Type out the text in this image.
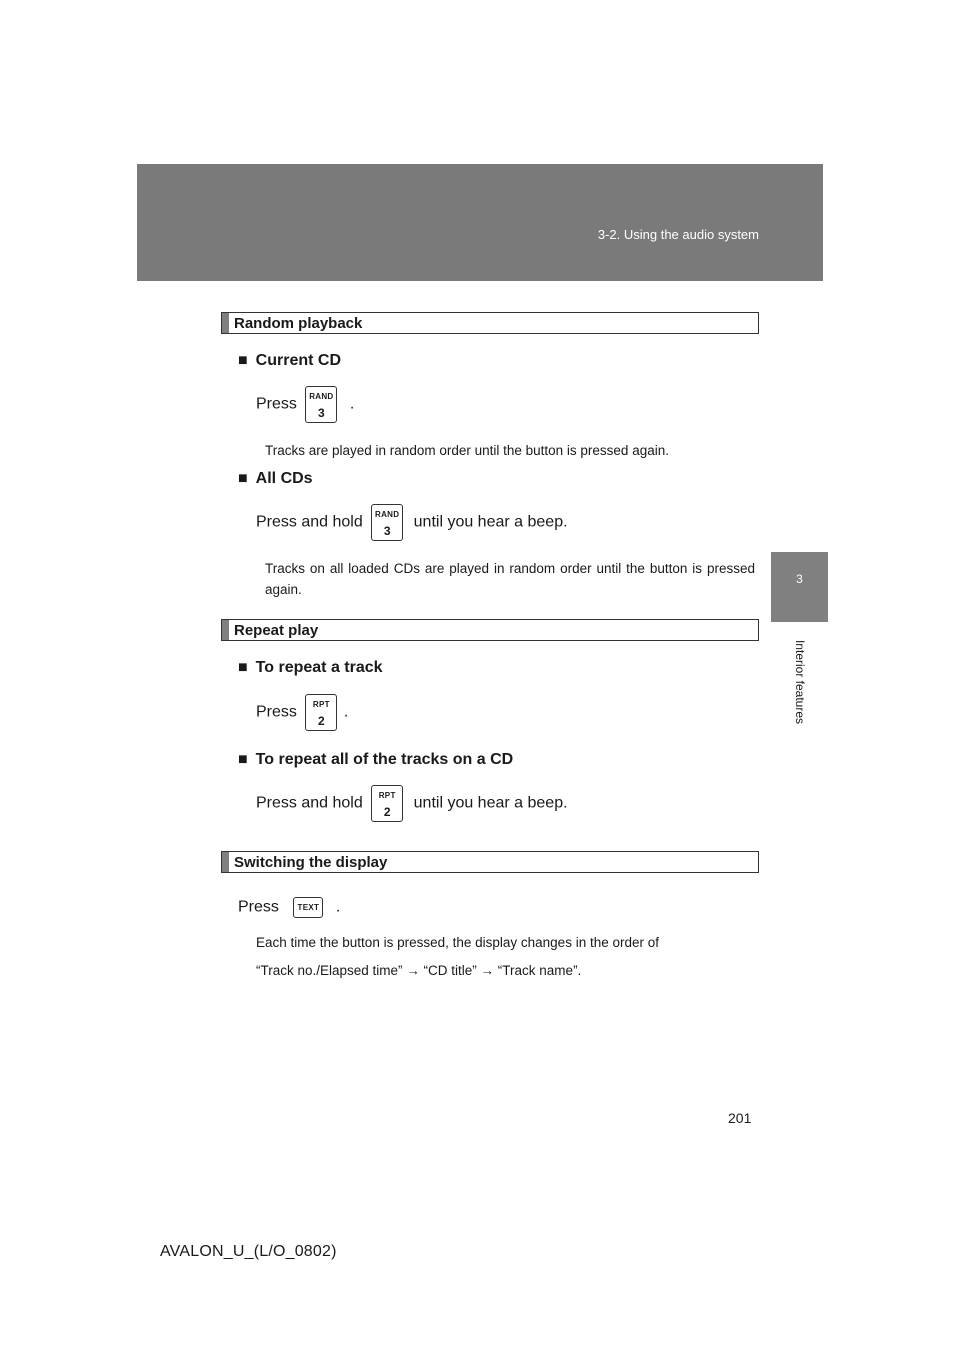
3-2. Using the audio system
3
Interior features
Random playback
■ Current CD
Press	RAND
3
.
Tracks are played in random order until the button is pressed again.
■ All CDs
Press and hold	RAND
3
until you hear a beep.
Tracks on all loaded CDs are played in random order until the button is pressed again.
Repeat play
■ To repeat a track
Press	RPT
2
.
■ To repeat all of the tracks on a CD
Press and hold	RPT
2
until you hear a beep.
Switching the display
Press	TEXT .
Each time the button is pressed, the display changes in the order of
“Track no./Elapsed time” → “CD title” → “Track name”.
201
AVALON_U_(L/O_0802)
